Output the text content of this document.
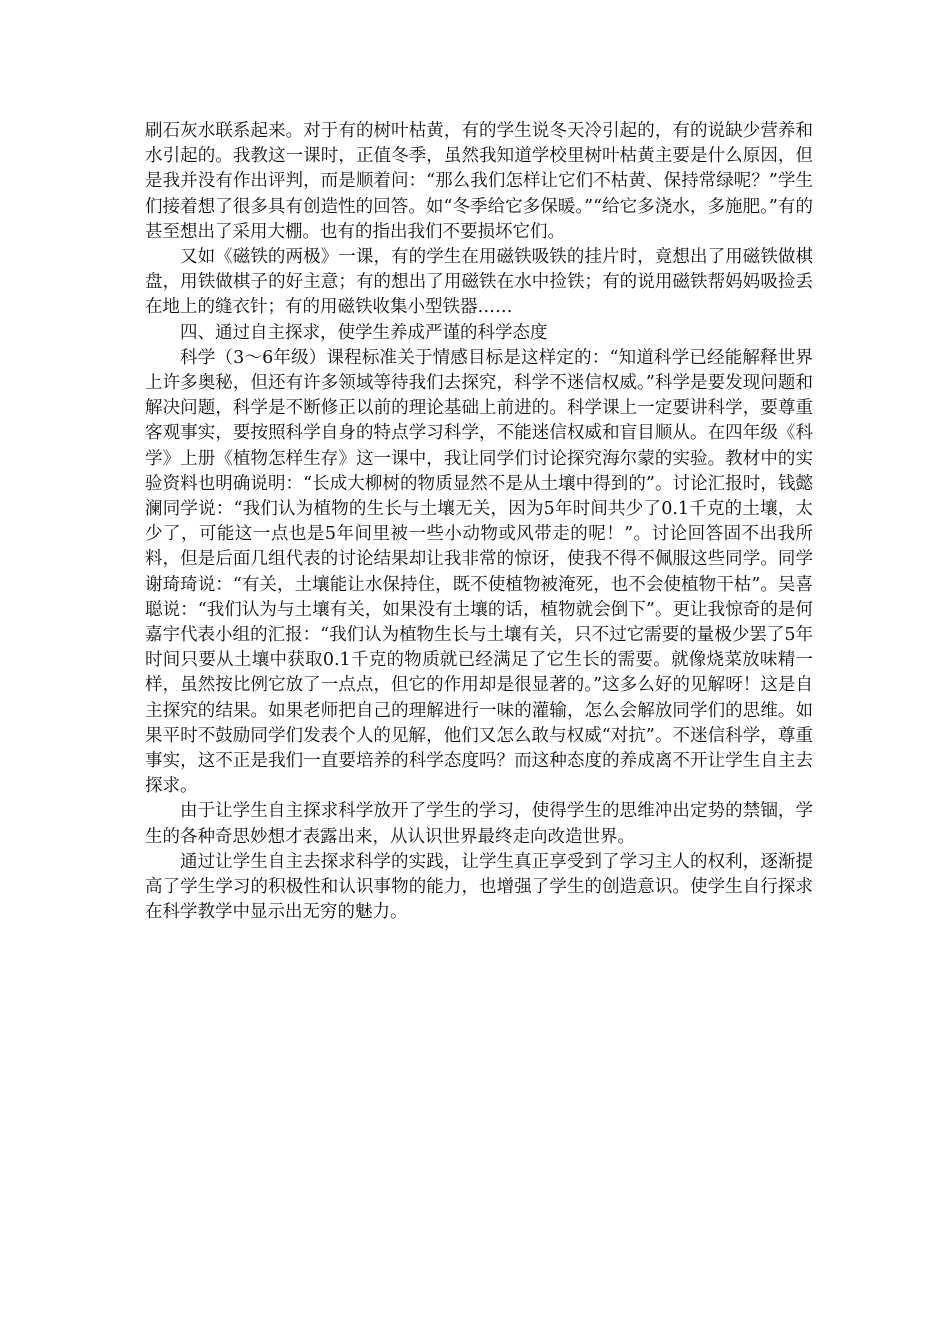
刷石灰水联系起来。对于有的树叶枯黄，有的学生说冬天冷引起的，有的说缺少营养和水引起的。我教这一课时，正值冬季，虽然我知道学校里树叶枯黄主要是什么原因，但是我并没有作出评判，而是顺着问：“那么我们怎样让它们不枯黄、保持常绿呢？”学生们接着想了很多具有创造性的回答。如“冬季给它多保暖。”“给它多浇水，多施肥。”有的甚至想出了采用大棚。也有的指出我们不要损坏它们。

又如《磁铁的两极》一课，有的学生在用磁铁吸铁的挂片时，竟想出了用磁铁做棋盘，用铁做棋子的好主意；有的想出了用磁铁在水中捡铁；有的说用磁铁帮妈妈吸捡丢在地上的缝衣针；有的用磁铁收集小型铁器……

四、通过自主探求，使学生养成严谨的科学态度

科学（3～6年级）课程标准关于情感目标是这样定的：“知道科学已经能解释世界上许多奥秘，但还有许多领域等待我们去探究，科学不迷信权威。”科学是要发现问题和解决问题，科学是不断修正以前的理论基础上前进的。科学课上一定要讲科学，要尊重客观事实，要按照科学自身的特点学习科学，不能迷信权威和盲目顺从。在四年级《科学》上册《植物怎样生存》这一课中，我让同学们讨论探究海尔蒙的实验。教材中的实验资料也明确说明：“长成大柳树的物质显然不是从土壤中得到的”。讨论汇报时，钱懿澜同学说：“我们认为植物的生长与土壤无关，因为5年时间共少了0.1千克的土壤，太少了，可能这一点也是5年间里被一些小动物或风带走的呢！”。讨论回答固不出我所料，但是后面几组代表的讨论结果却让我非常的惊讶，使我不得不佩服这些同学。同学谢琦琦说：“有关，土壤能让水保持住，既不使植物被淹死，也不会使植物干枯”。吴喜聪说：“我们认为与土壤有关，如果没有土壤的话，植物就会倒下”。更让我惊奇的是何嘉宇代表小组的汇报：“我们认为植物生长与土壤有关，只不过它需要的量极少罢了5年时间只要从土壤中获取0.1千克的物质就已经满足了它生长的需要。就像烧菜放味精一样，虽然按比例它放了一点点，但它的作用却是很显著的。”这多么好的见解呀！这是自主探究的结果。如果老师把自己的理解进行一味的灌输，怎么会解放同学们的思维。如果平时不鼓励同学们发表个人的见解，他们又怎么敢与权威“对抗”。不迷信科学，尊重事实，这不正是我们一直要培养的科学态度吗？而这种态度的养成离不开让学生自主去探求。

由于让学生自主探求科学放开了学生的学习，使得学生的思维冲出定势的禁锢，学生的各种奇思妙想才表露出来，从认识世界最终走向改造世界。

通过让学生自主去探求科学的实践，让学生真正享受到了学习主人的权利，逐渐提高了学生学习的积极性和认识事物的能力，也增强了学生的创造意识。使学生自行探求在科学教学中显示出无穷的魅力。
